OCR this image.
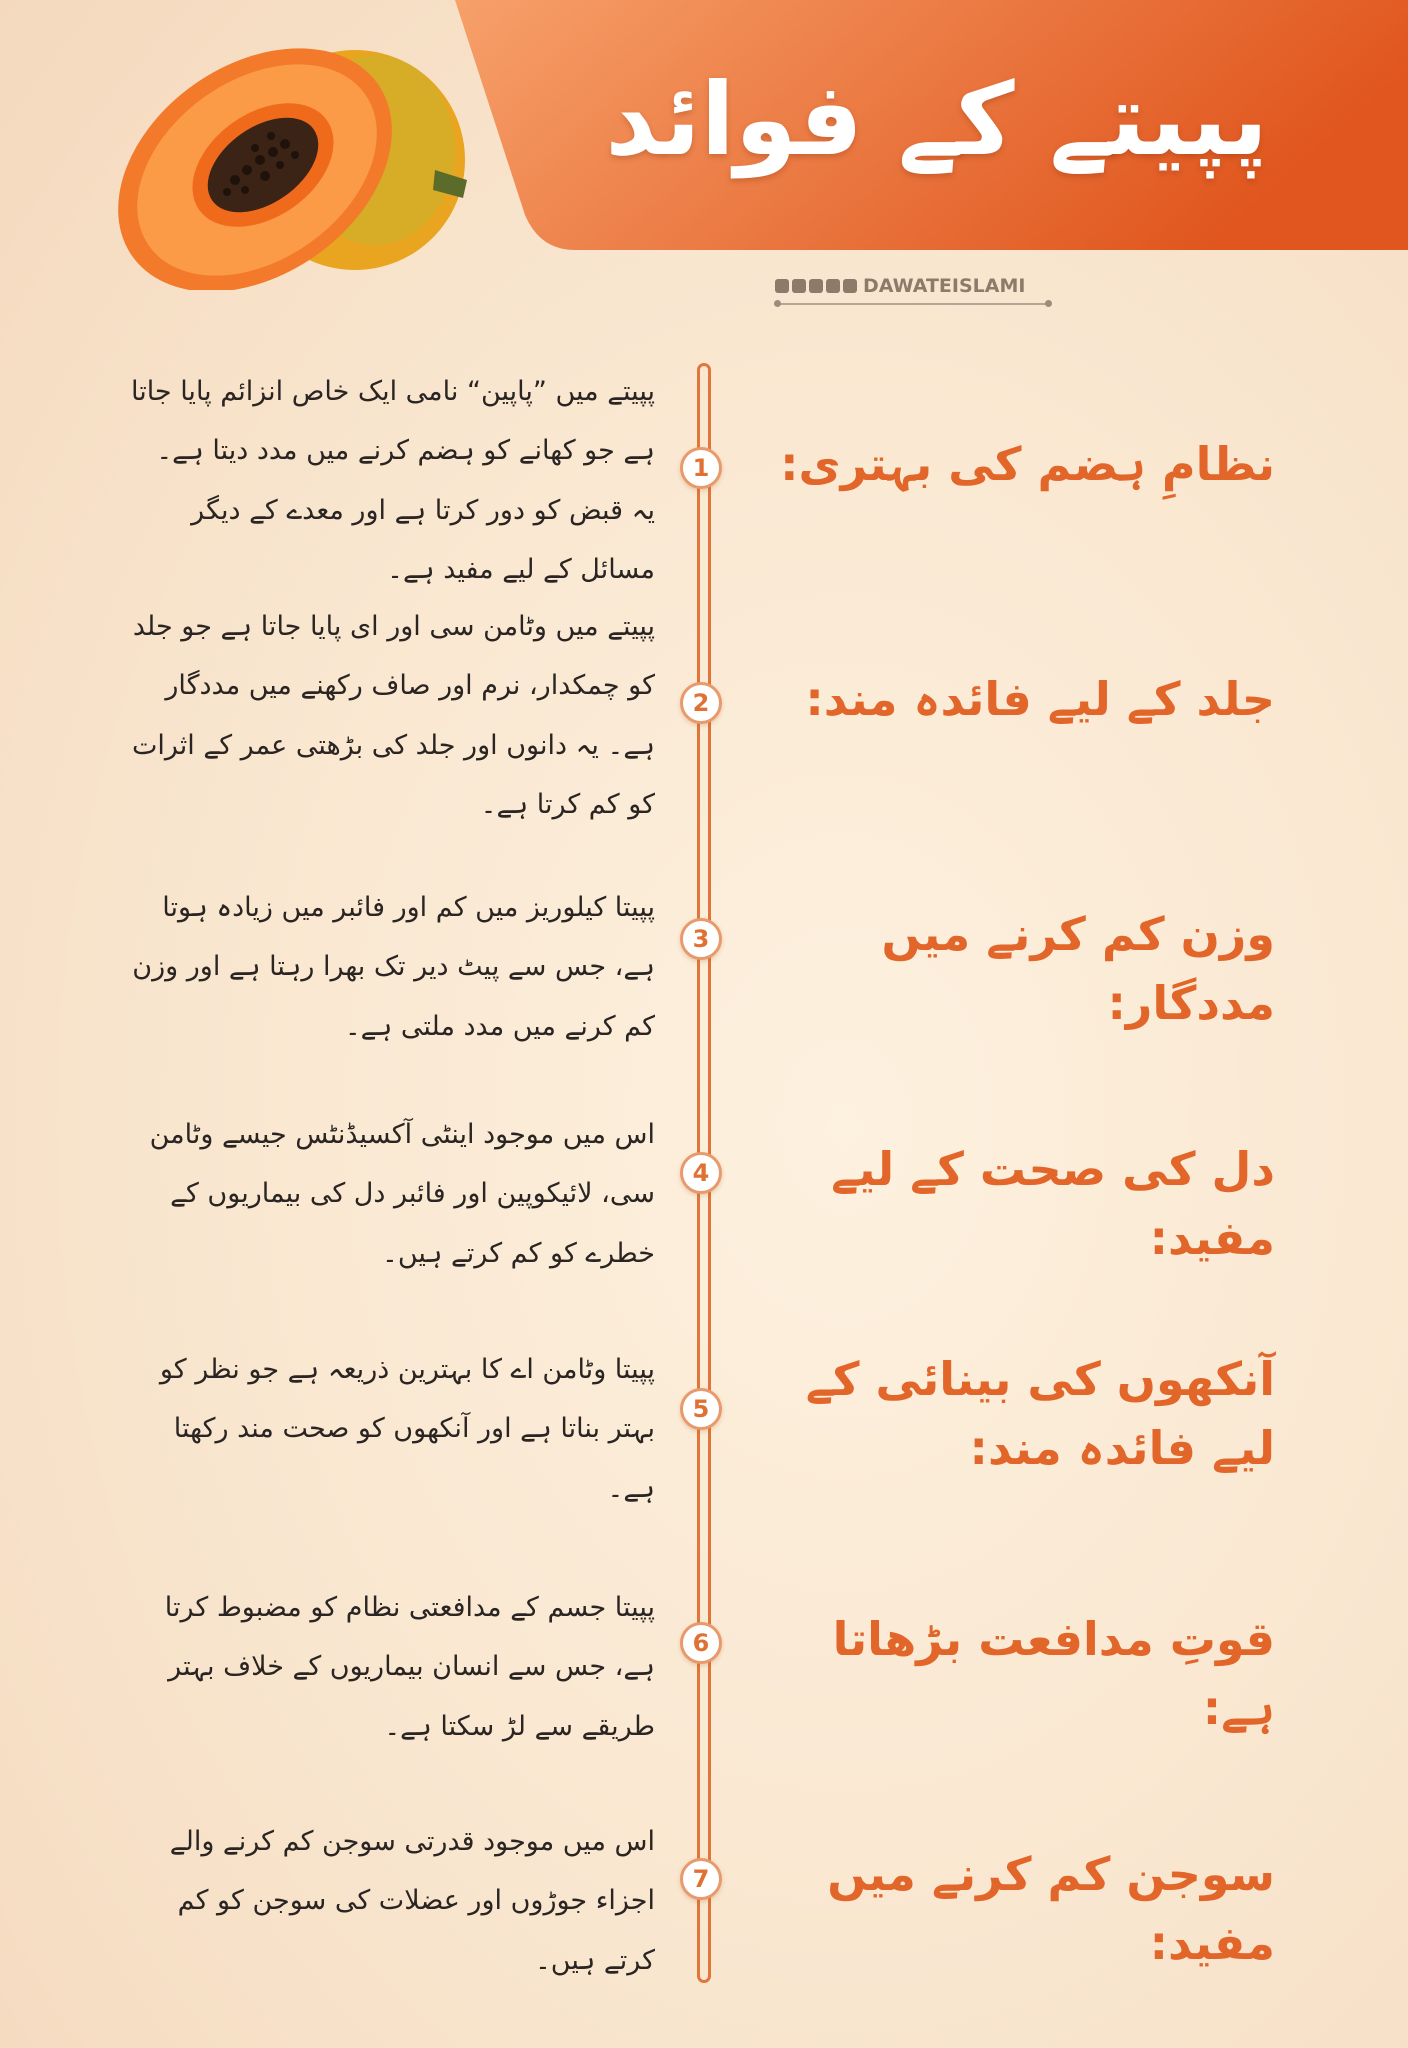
پپیتے کے فوائد
DAWATEISLAMI
1	نظامِ ہضم کی بہتری:
پپیتے میں ”پاپین“ نامی ایک خاص انزائم پایا جاتا ہے جو کھانے کو ہضم کرنے میں مدد دیتا ہے۔ یہ قبض کو دور کرتا ہے اور معدے کے دیگر مسائل کے لیے مفید ہے۔
2	جلد کے لیے فائدہ مند:
پپیتے میں وٹامن سی اور ای پایا جاتا ہے جو جلد کو چمکدار، نرم اور صاف رکھنے میں مددگار ہے۔ یہ دانوں اور جلد کی بڑھتی عمر کے اثرات کو کم کرتا ہے۔
3	وزن کم کرنے میں مددگار:
پپیتا کیلوریز میں کم اور فائبر میں زیادہ ہوتا ہے، جس سے پیٹ دیر تک بھرا رہتا ہے اور وزن کم کرنے میں مدد ملتی ہے۔
4	دل کی صحت کے لیے مفید:
اس میں موجود اینٹی آکسیڈنٹس جیسے وٹامن سی، لائیکوپین اور فائبر دل کی بیماریوں کے خطرے کو کم کرتے ہیں۔
5
آنکھوں کی بینائی کے لیے فائدہ مند:
پپیتا وٹامن اے کا بہترین ذریعہ ہے جو نظر کو بہتر بناتا ہے اور آنکھوں کو صحت مند رکھتا ہے۔
6	قوتِ مدافعت بڑھاتا ہے:
پپیتا جسم کے مدافعتی نظام کو مضبوط کرتا ہے، جس سے انسان بیماریوں کے خلاف بہتر طریقے سے لڑ سکتا ہے۔
7	سوجن کم کرنے میں مفید:
اس میں موجود قدرتی سوجن کم کرنے والے اجزاء جوڑوں اور عضلات کی سوجن کو کم کرتے ہیں۔
